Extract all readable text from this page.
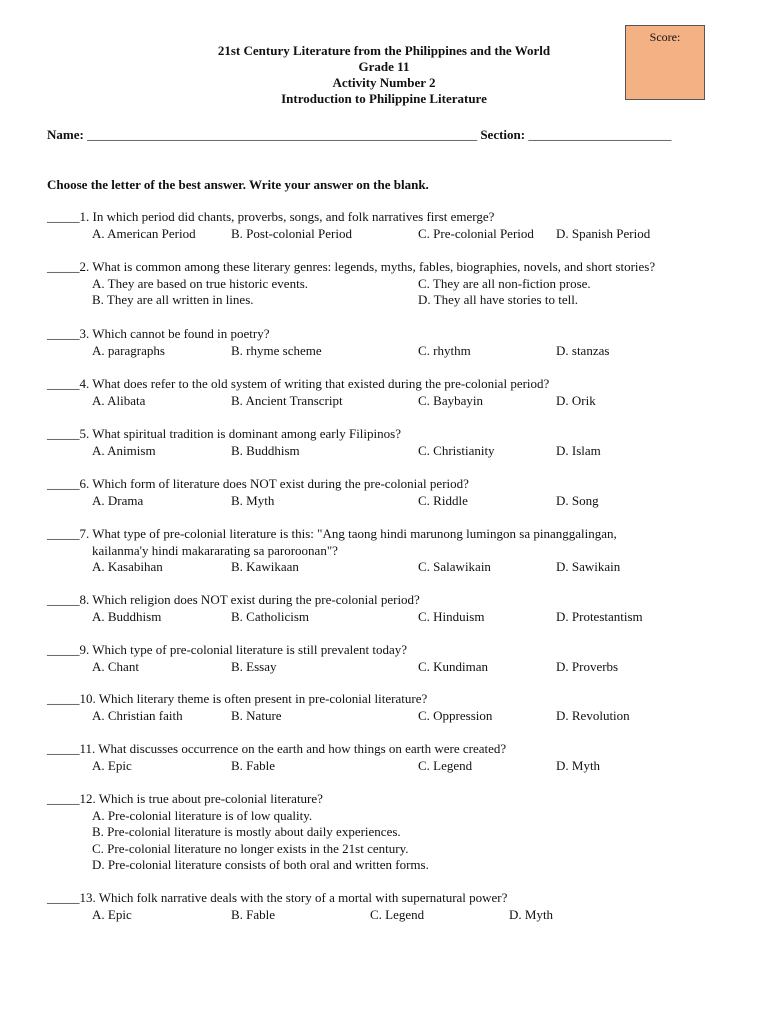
Score:
21st Century Literature from the Philippines and the World
Grade 11
Activity Number 2
Introduction to Philippine Literature
Name: ____________________________________________________________ Section: ______________________
Choose the letter of the best answer. Write your answer on the blank.
_____1. In which period did chants, proverbs, songs, and folk narratives first emerge?
A. American Period	B. Post-colonial Period	C. Pre-colonial Period D. Spanish Period
_____2. What is common among these literary genres: legends, myths, fables, biographies, novels, and short stories?
A. They are based on true historic events.	C. They are all non-fiction prose.
B. They are all written in lines.	D. They all have stories to tell.
_____3. Which cannot be found in poetry?
A. paragraphs	B. rhyme scheme	C. rhythm	D. stanzas
_____4. What does refer to the old system of writing that existed during the pre-colonial period?
A. Alibata	B. Ancient Transcript	C. Baybayin	D. Orik
_____5. What spiritual tradition is dominant among early Filipinos?
A. Animism	B. Buddhism	C. Christianity	D. Islam
_____6. Which form of literature does NOT exist during the pre-colonial period?
A. Drama	B. Myth	C. Riddle	D. Song
_____7. What type of pre-colonial literature is this: "Ang taong hindi marunong lumingon sa pinanggalingan,
kailanma'y hindi makararating sa paroroonan"?
A. Kasabihan	B. Kawikaan	C. Salawikain	D. Sawikain
_____8. Which religion does NOT exist during the pre-colonial period?
A. Buddhism	B. Catholicism	C. Hinduism	D. Protestantism
_____9. Which type of pre-colonial literature is still prevalent today?
A. Chant	B. Essay	C. Kundiman	D. Proverbs
_____10. Which literary theme is often present in pre-colonial literature?
A. Christian faith	B. Nature	C. Oppression	D. Revolution
_____11. What discusses occurrence on the earth and how things on earth were created?
A. Epic	B. Fable	C. Legend	D. Myth
_____12. Which is true about pre-colonial literature?
A. Pre-colonial literature is of low quality.
B. Pre-colonial literature is mostly about daily experiences.
C. Pre-colonial literature no longer exists in the 21st century.
D. Pre-colonial literature consists of both oral and written forms.
_____13. Which folk narrative deals with the story of a mortal with supernatural power?
A. Epic	B. Fable	C. Legend	D. Myth
